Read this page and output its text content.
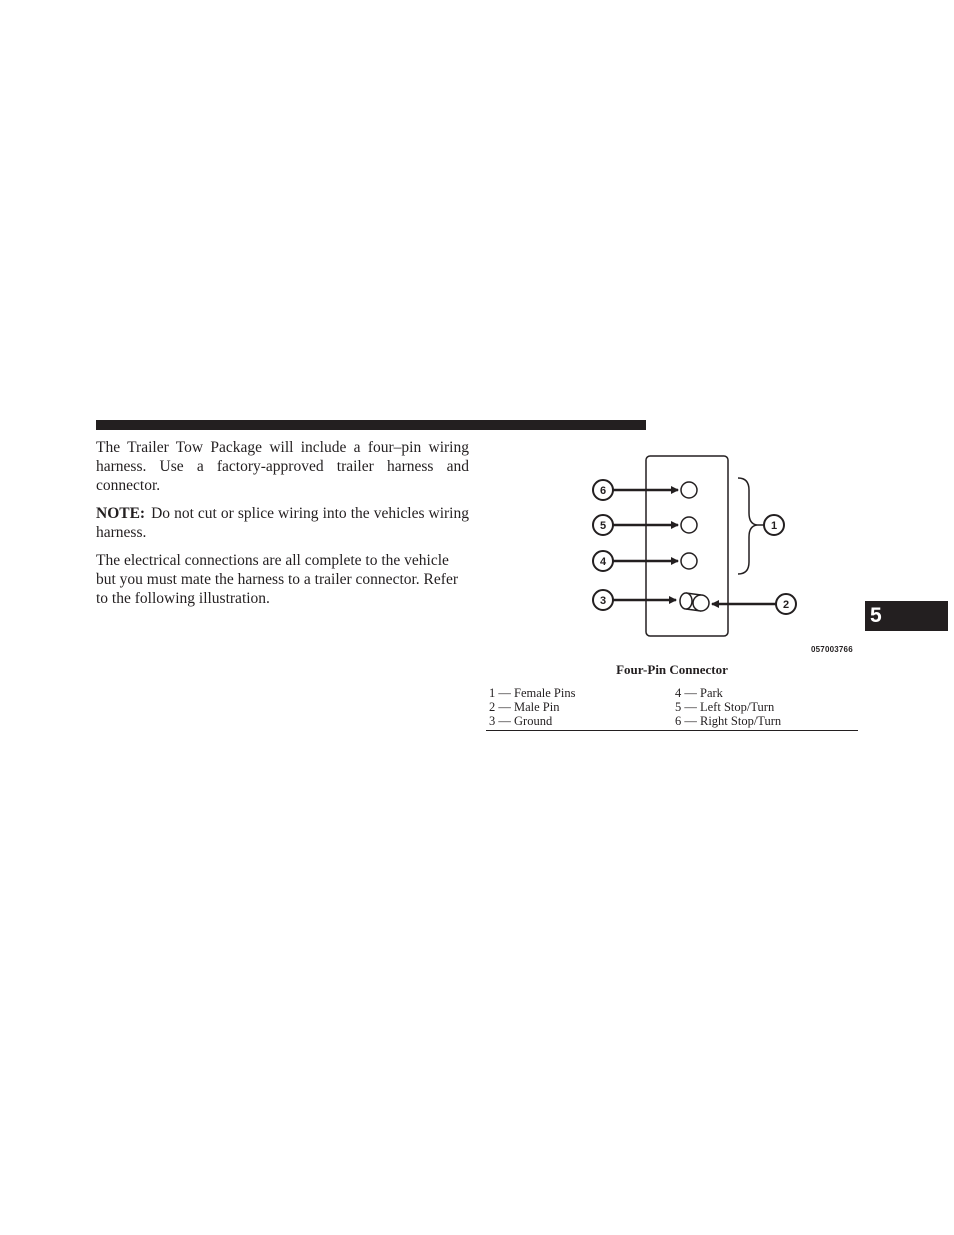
The Trailer Tow Package will include a four–pin wiring harness. Use a factory-approved trailer harness and connector.

NOTE: Do not cut or splice wiring into the vehicles wiring harness.

The electrical connections are all complete to the vehicle but you must mate the harness to a trailer connector. Refer to the following illustration.

6
5
4
3
1
2
057003766
Four-Pin Connector
1 — Female Pins
2 — Male Pin
3 — Ground
4 — Park
5 — Left Stop/Turn
6 — Right Stop/Turn
5
